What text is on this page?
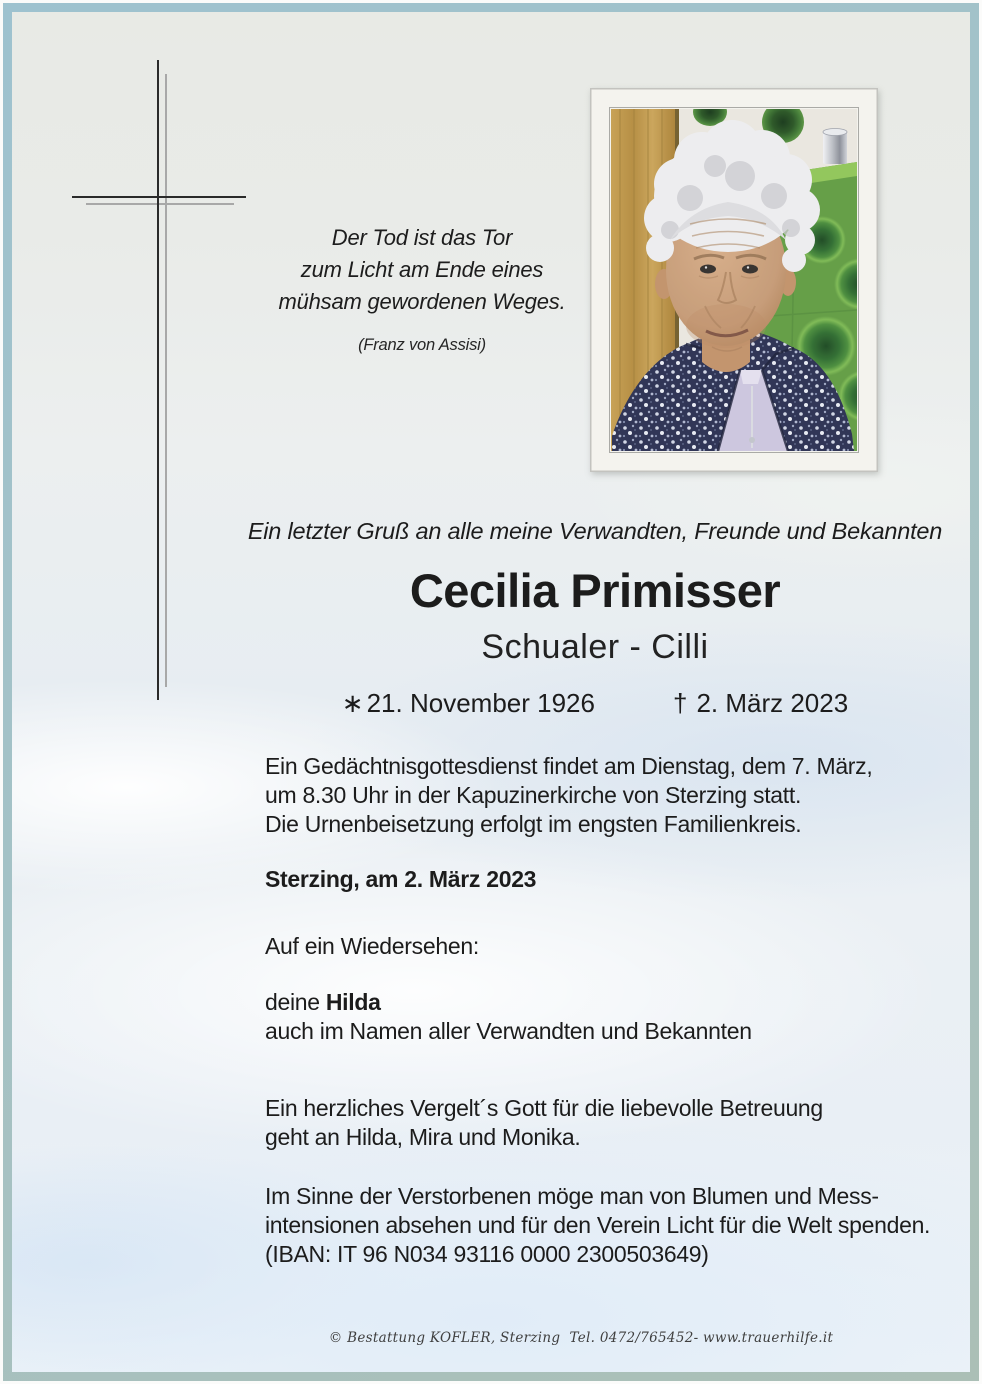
Der Tod ist das Tor
zum Licht am Ende eines
mühsam gewordenen Weges.
(Franz von Assisi)
Ein letzter Gruß an alle meine Verwandten, Freunde und Bekannten
Cecilia Primisser
Schualer - Cilli
∗ 21. November 1926	† 2. März 2023
Ein Gedächtnisgottesdienst findet am Dienstag, dem 7. März,
um 8.30 Uhr in der Kapuzinerkirche von Sterzing statt.
Die Urnenbeisetzung erfolgt im engsten Familienkreis.
Sterzing, am 2. März 2023
Auf ein Wiedersehen:
deine Hilda
auch im Namen aller Verwandten und Bekannten
Ein herzliches Vergelt´s Gott für die liebevolle Betreuung
geht an Hilda, Mira und Monika.
Im Sinne der Verstorbenen möge man von Blumen und Mess-
intensionen absehen und für den Verein Licht für die Welt spenden.
(IBAN: IT 96 N034 93116 0000 2300503649)
© Bestattung KOFLER, Sterzing  Tel. 0472/765452- www.trauerhilfe.it
